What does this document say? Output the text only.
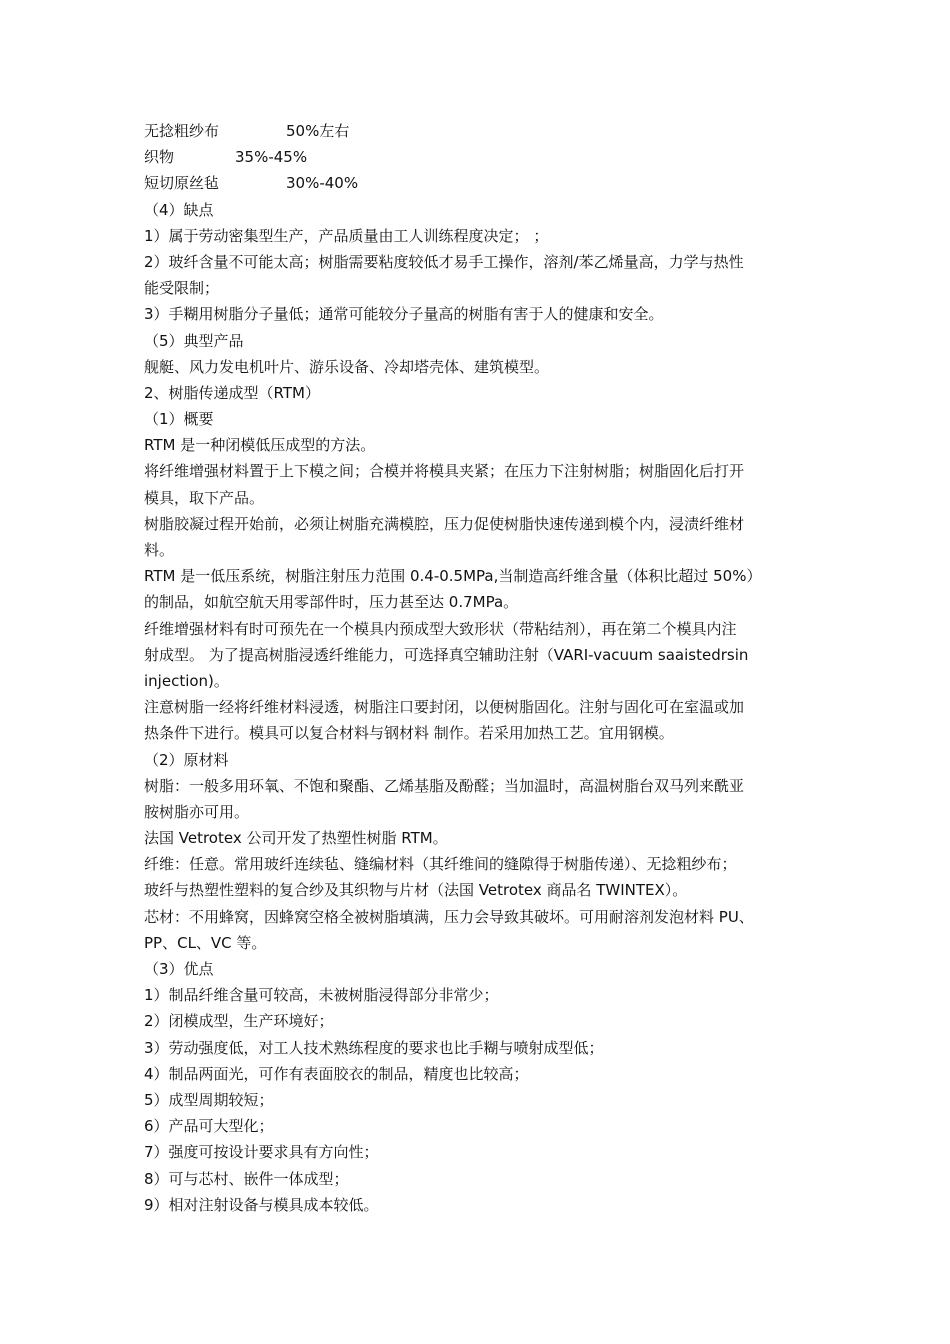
无捻粗纱布	50%左右
织物	35%-45%
短切原丝毡	30%-40%
（4）缺点
1）属于劳动密集型生产，产品质量由工人训练程度决定； ；
2）玻纤含量不可能太高；树脂需要粘度较低才易手工操作，溶剂/苯乙烯量高，力学与热性
能受限制；
3）手糊用树脂分子量低；通常可能较分子量高的树脂有害于人的健康和安全。
（5）典型产品
舰艇、风力发电机叶片、游乐设备、冷却塔壳体、建筑模型。
2、树脂传递成型（RTM）
（1）概要
RTM 是一种闭模低压成型的方法。
将纤维增强材料置于上下模之间；合模并将模具夹紧；在压力下注射树脂；树脂固化后打开
模具，取下产品。
树脂胶凝过程开始前，必须让树脂充满模腔，压力促使树脂快速传递到模个内，浸渍纤维材
料。
RTM 是一低压系统，树脂注射压力范围 0.4-0.5MPa,当制造高纤维含量（体积比超过 50%）
的制品，如航空航天用零部件时，压力甚至达 0.7MPa。
纤维增强材料有时可预先在一个模具内预成型大致形状（带粘结剂），再在第二个模具内注
射成型。 为了提高树脂浸透纤维能力，可选择真空辅助注射（VARI-vacuum saaistedrsin
injection)。
注意树脂一经将纤维材料浸透，树脂注口要封闭，以便树脂固化。注射与固化可在室温或加
热条件下进行。模具可以复合材料与钢材料 制作。若采用加热工艺。宜用钢模。
（2）原材料
树脂：一般多用环氧、不饱和聚酯、乙烯基脂及酚醛；当加温时，高温树脂台双马列来酰亚
胺树脂亦可用。
法国 Vetrotex 公司开发了热塑性树脂 RTM。
纤维：任意。常用玻纤连续毡、缝编材料（其纤维间的缝隙得于树脂传递）、无捻粗纱布；
玻纤与热塑性塑料的复合纱及其织物与片材（法国 Vetrotex 商品名 TWINTEX）。
芯材：不用蜂窝，因蜂窝空格全被树脂填满，压力会导致其破坏。可用耐溶剂发泡材料 PU、
PP、CL、VC 等。
（3）优点
1）制品纤维含量可较高，未被树脂浸得部分非常少；
2）闭模成型，生产环境好；
3）劳动强度低，对工人技术熟练程度的要求也比手糊与喷射成型低；
4）制品两面光，可作有表面胶衣的制品，精度也比较高；
5）成型周期较短；
6）产品可大型化；
7）强度可按设计要求具有方向性；
8）可与芯村、嵌件一体成型；
9）相对注射设备与模具成本较低。
